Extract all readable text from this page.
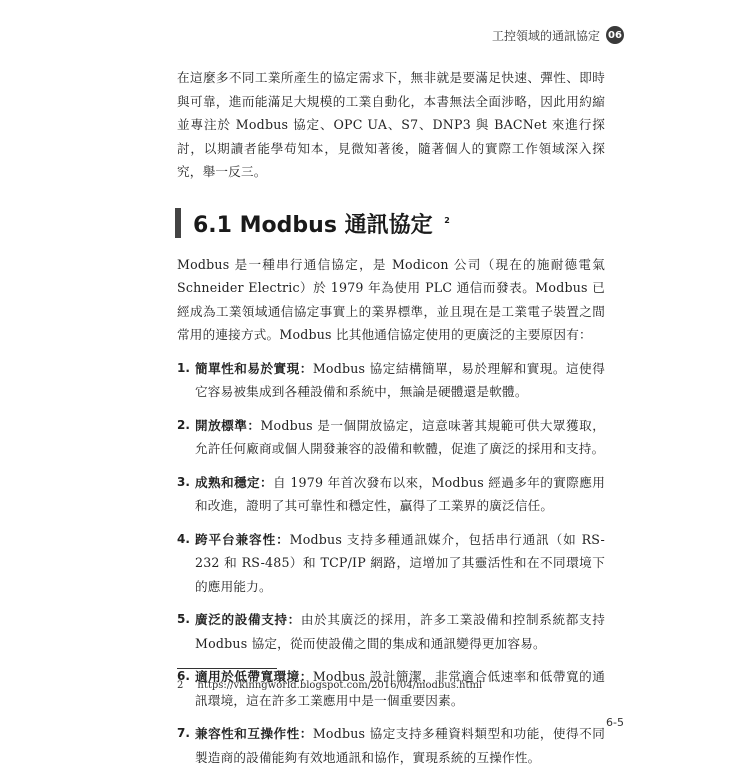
工控領域的通訊協定 06

在這麼多不同工業所產生的協定需求下，無非就是要滿足快速、彈性、即時與可靠，進而能滿足大規模的工業自動化，本書無法全面涉略，因此用約縮並專注於 Modbus 協定、OPC UA、S7、DNP3 與 BACNet 來進行探討，以期讀者能學苟知本，見微知著後，隨著個人的實際工作領域深入探究，舉一反三。

6.1 Modbus 通訊協定 $^2$

Modbus 是一種串行通信協定，是 Modicon 公司（現在的施耐德電氣 Schneider Electric）於 1979 年為使用 PLC 通信而發表。Modbus 已經成為工業領域通信協定事實上的業界標準，並且現在是工業電子裝置之間常用的連接方式。Modbus 比其他通信協定使用的更廣泛的主要原因有：

1. 簡單性和易於實現：Modbus 協定結構簡單，易於理解和實現。這使得它容易被集成到各種設備和系統中，無論是硬體還是軟體。

2. 開放標準：Modbus 是一個開放協定，這意味著其規範可供大眾獲取，允許任何廠商或個人開發兼容的設備和軟體，促進了廣泛的採用和支持。

3. 成熟和穩定：自 1979 年首次發布以來，Modbus 經過多年的實際應用和改進，證明了其可靠性和穩定性，贏得了工業界的廣泛信任。

4. 跨平台兼容性：Modbus 支持多種通訊媒介，包括串行通訊（如 RS-232 和 RS-485）和 TCP/IP 網路，這增加了其靈活性和在不同環境下的應用能力。

5. 廣泛的設備支持：由於其廣泛的採用，許多工業設備和控制系統都支持 Modbus 協定，從而使設備之間的集成和通訊變得更加容易。

6. 適用於低帶寬環境：Modbus 設計簡潔，非常適合低速率和低帶寬的通訊環境，這在許多工業應用中是一個重要因素。

7. 兼容性和互操作性：Modbus 協定支持多種資料類型和功能，使得不同製造商的設備能夠有效地通訊和協作，實現系統的互操作性。

2 https://vkinngworld.blogspot.com/2016/04/modbus.html
6-5
